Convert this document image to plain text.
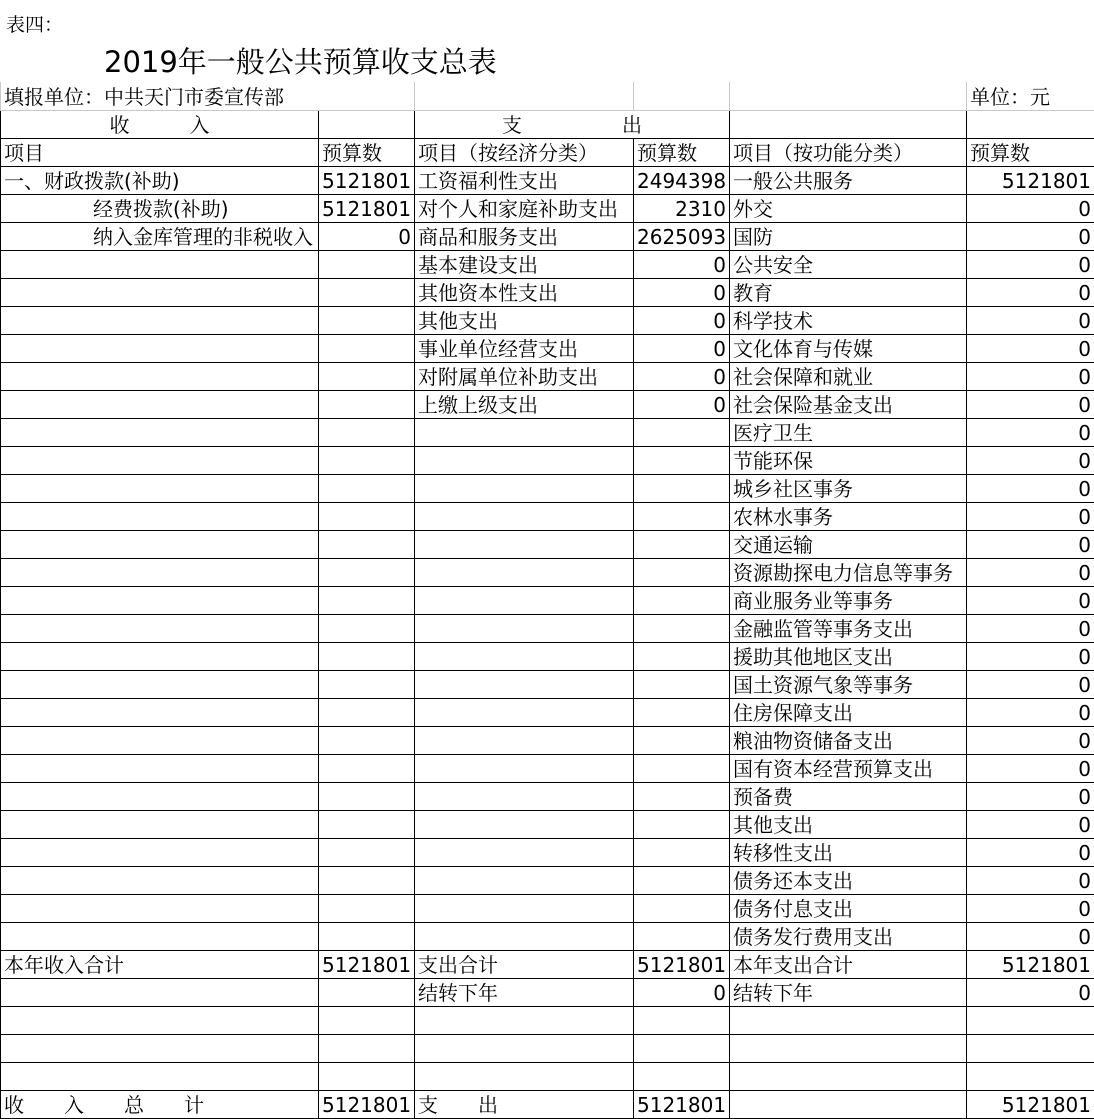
表四：
2019年一般公共预算收支总表
填报单位：中共天门市委宣传部					单位：元
收　　　入		支　　　　　出			
项目	预算数	项目（按经济分类）	预算数	项目（按功能分类）	预算数
一、财政拨款(补助)	5121801	工资福利性支出	2494398	一般公共服务	5121801
经费拨款(补助)	5121801	对个人和家庭补助支出	2310	外交	0
纳入金库管理的非税收入	0	商品和服务支出	2625093	国防	0
		基本建设支出	0	公共安全	0
		其他资本性支出	0	教育	0
		其他支出	0	科学技术	0
		事业单位经营支出	0	文化体育与传媒	0
		对附属单位补助支出	0	社会保障和就业	0
		上缴上级支出	0	社会保险基金支出	0
				医疗卫生	0
				节能环保	0
				城乡社区事务	0
				农林水事务	0
				交通运输	0
				资源勘探电力信息等事务	0
				商业服务业等事务	0
				金融监管等事务支出	0
				援助其他地区支出	0
				国土资源气象等事务	0
				住房保障支出	0
				粮油物资储备支出	0
				国有资本经营预算支出	0
				预备费	0
				其他支出	0
				转移性支出	0
				债务还本支出	0
				债务付息支出	0
				债务发行费用支出	0
本年收入合计	5121801	支出合计	5121801	本年支出合计	5121801
		结转下年	0	结转下年	0

收　　入　　总　　计	5121801	支　　出	5121801		5121801
